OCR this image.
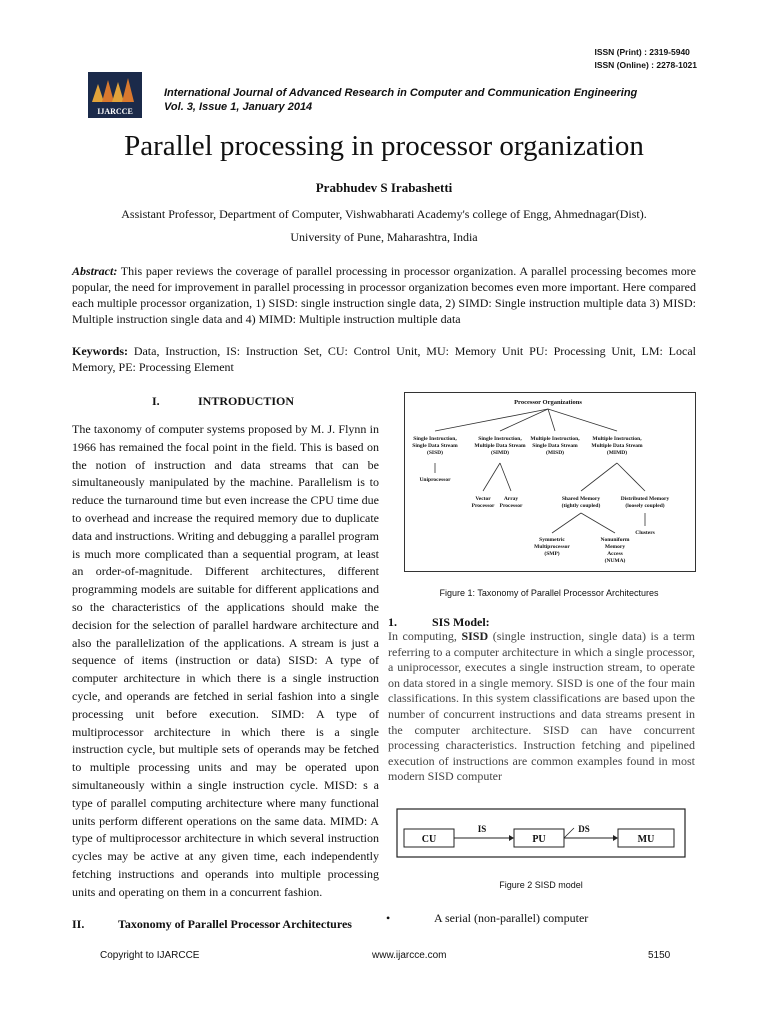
ISSN (Print) : 2319-5940
ISSN (Online) : 2278-1021
IJARCCE
International Journal of Advanced Research in Computer and Communication Engineering
Vol. 3, Issue 1, January 2014
Parallel processing in processor organization
Prabhudev S Irabashetti
Assistant Professor, Department of Computer, Vishwabharati Academy's college of Engg, Ahmednagar(Dist).
University of Pune, Maharashtra, India
Abstract: This paper reviews the coverage of parallel processing in processor organization. A parallel processing becomes more popular, the need for improvement in parallel processing in processor organization becomes even more important. Here compared each multiple processor organization, 1) SISD: single instruction single data, 2) SIMD: Single instruction multiple data 3) MISD: Multiple instruction single data and 4) MIMD: Multiple instruction multiple data
Keywords: Data, Instruction, IS: Instruction Set, CU: Control Unit, MU: Memory Unit PU: Processing Unit, LM: Local Memory, PE: Processing Element
I.	INTRODUCTION
The taxonomy of computer systems proposed by M. J. Flynn in 1966 has remained the focal point in the field. This is based on the notion of instruction and data streams that can be simultaneously manipulated by the machine. Parallelism is to reduce the turnaround time but even increase the CPU time due to overhead and increase the required memory due to duplicate data and instructions. Writing and debugging a parallel program is much more complicated than a sequential program, at least an order-of-magnitude. Different architectures, different programming models are suitable for different applications and so the characteristics of the applications should make the decision for the selection of parallel hardware architecture and also the parallelization of the applications. A stream is just a sequence of items (instruction or data) SISD: A type of computer architecture in which there is a single instruction cycle, and operands are fetched in serial fashion into a single processing unit before execution. SIMD: A type of multiprocessor architecture in which there is a single instruction cycle, but multiple sets of operands may be fetched to multiple processing units and may be operated upon simultaneously within a single instruction cycle. MISD: s a type of parallel computing architecture where many functional units perform different operations on the same data. MIMD: A type of multiprocessor architecture in which several instruction cycles may be active at any given time, each independently fetching instructions and operands into multiple processing units and operating on them in a concurrent fashion.
II.	Taxonomy of Parallel Processor Architectures
Processor Organizations
Single Instruction,
Single Data Stream
(SISD)
Single Instruction,
Multiple Data Stream
(SIMD)
Multiple Instruction,
Single Data Stream
(MISD)
Multiple Instruction,
Multiple Data Stream
(MIMD)
Uniprocessor
Vector
Processor
Array
Processor
Shared Memory
(tightly coupled)
Distributed Memory
(loosely coupled)
Clusters
Symmetric
Multiprocessor
(SMP)
Nonuniform
Memory
Access
(NUMA)
Figure 1: Taxonomy of Parallel Processor Architectures
1.	SIS Model:
In computing, SISD (single instruction, single data) is a term referring to a computer architecture in which a single processor, a uniprocessor, executes a single instruction stream, to operate on data stored in a single memory. SISD is one of the four main classifications. In this system classifications are based upon the number of concurrent instructions and data streams present in the computer architecture. SISD can have concurrent processing characteristics. Instruction fetching and pipelined execution of instructions are common examples found in most modern SISD computer
CU	PU	MU
IS	DS
Figure 2 SISD model
•	A serial (non-parallel) computer
Copyright to IJARCCE	www.ijarcce.com	5150
